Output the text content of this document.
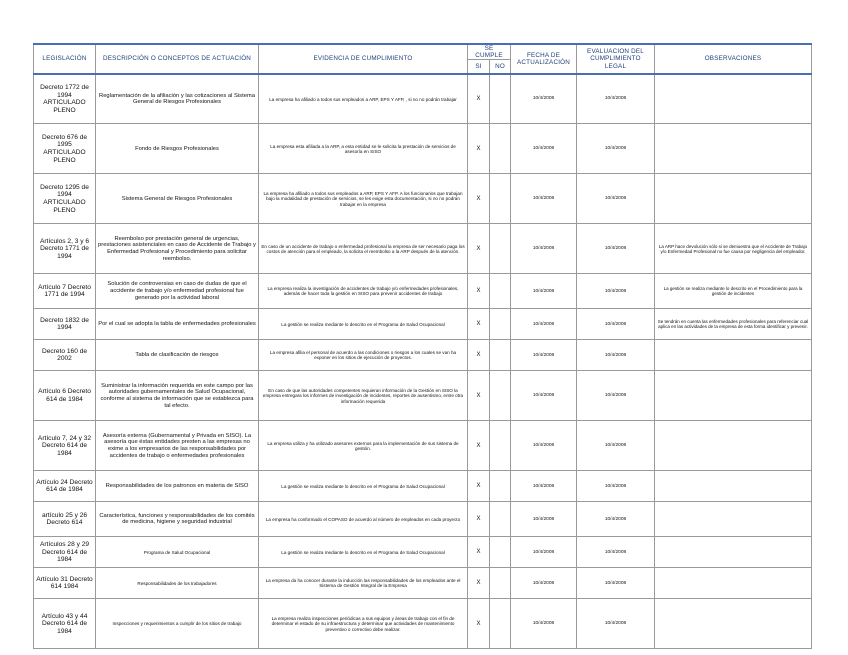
LEGISLACIÓN	DESCRIPCIÓN O CONCEPTOS DE ACTUACIÓN	EVIDENCIA DE CUMPLIMIENTO	SE CUMPLE		FECHA DE ACTUALIZACIÓN	EVALUACION DEL CUMPLIMIENTO LEGAL	OBSERVACIONES
			SI	NO			
Decreto 1772 de 1994 ARTICULADO PLENO	Reglamentación de la afiliación y las cotizaciones al Sistema General de Riesgos Profesionales	La empresa ha afiliado a todos sus empleados a ARP, EPS Y AFP, , si no no podrán trabajar	X		10/4/2008	10/4/2008	
Decreto 676 de 1995 ARTICULADO PLENO	Fondo de Riesgos Profesionales	La empresa esta afiliada a la ARP, a esta entidad se le solicita la prestación de servicios de asesoría en SISO	X		10/4/2008	10/4/2008	
Decreto 1295 de 1994 ARTICULADO PLENO	Sistema General de Riesgos Profesionales	La empresa ha afiliado a todos sus empleados a ARP, EPS Y AFP. A los funcionarios que trabajan bajo la modalidad de prestación de servicios, se les exige esta documentación, si no no podrán trabajar en la empresa	X		10/4/2008	10/4/2008	
Artículos 2, 3 y 6 Decreto 1771 de 1994	Reembolso por prestación general de urgencias, prestaciones asistenciales en caso de Accidente de Trabajo y Enfermedad Profesional y Procedimiento para solicitar reembolso.	En caso de un accidente de trabajo o enfermedad profesional la empresa de ser necesario paga los costos de atención para el empleado, la solicita el reembolso a la ARP después de la atención.	X		10/4/2008	10/4/2008	La ARP hace devolución sólo si se demuestra que el Accidente de Trabajo y/o Enfermedad Profesional no fue causa por negligencia del empleador.
Artículo 7 Decreto 1771 de 1994	Solución de controversias en caso de dudas de que el accidente de trabajo y/o enfermedad profesional fue generado por la actividad laboral	La empresa realiza la investigación de accidentes de trabajo y/o enfermedades profesionales, además de hacer toda la gestión en SISO para prevenir accidentes de trabajo	X		10/4/2008	10/4/2008	La gestión se realiza mediante lo descrito en el Procedimiento para la gestión de incidentes
Decreto 1832 de 1994	Por el cual se adopta la tabla de enfermedades profesionales	La gestión se realiza mediante lo descrito en el Programa de Salud Ocupacional	X		10/4/2008	10/4/2008	Se tendrán en cuenta las enfermedades profesionales para referenciar cual aplica en las actividades de la empresa de esta forma identificar y prevenir.
Decreto 160 de 2002	Tabla de clasificación de riesgos	La empresa afilia el personal de acuerdo a las condiciones o riesgos a los cuales se van ha exponer en los sitios de ejecución de proyectos.	X		10/4/2008	10/4/2008	
Artículo 6 Decreto 614 de 1984	Suministrar la información requerida en este campo por las autoridades gubernamentales de Salud Ocupacional, conforme al sistema de información que se establezca para tal efecto.	En caso de que las autoridades competentes requieran información de la Gestión en SISO la empresa entregara los informes de investigación de incidentes, reportes de ausentismo, entre otra información requerida	X		10/4/2008	10/4/2008	
Artículo 7, 24 y 32 Decreto 614 de 1984	Asesoría externa (Gubernamental y Privada en SISO). La asesoría que éstas entidades presten a las empresas no exime a los empresarios de las responsabilidades por accidentes de trabajo o enfermedades profesionales	La empresa utiliza y ha utilizado asesores externos para la implementación de sus sistema de gestión.	X		10/4/2008	10/4/2008	
Artículo 24 Decreto 614 de 1984	Responsabilidades de los patronos en materia de SISO	La gestión se realiza mediante lo descrito en el Programa de Salud Ocupacional	X		10/4/2008	10/4/2008	
artículo 25 y 26 Decreto 614	Característica, funciones y responsabilidades de los comités de medicina, higiene y seguridad industrial	La empresa ha conformado el COPASO de acuerdo al número de empleados en cada proyecto	X		10/4/2008	10/4/2008	
Artículos 28 y 29 Decreto 614 de 1984	Programa de Salud Ocupacional	La gestión se realiza mediante lo descrito en el Programa de Salud Ocupacional	X		10/4/2008	10/4/2008	
Artículo 31 Decreto 614 1984	Responsabilidades de los trabajadores	La empresa da ha conocer durante la inducción las responsabilidades de los empleados ante el Sistema de Gestión Integral de la Empresa	X		10/4/2008	10/4/2008	
Artículo 43 y 44 Decreto 614 de 1984	Inspecciones y requerimientos a cumplir de los sitios de trabajo	La empresa realiza inspecciones periódicas a sus equipos y áreas de trabajo con el fin de determinar el estado de su infraestructura y determinar que actividades de mantenimiento preventivo o correctivo debe realizar.	X		10/4/2008	10/4/2008	
